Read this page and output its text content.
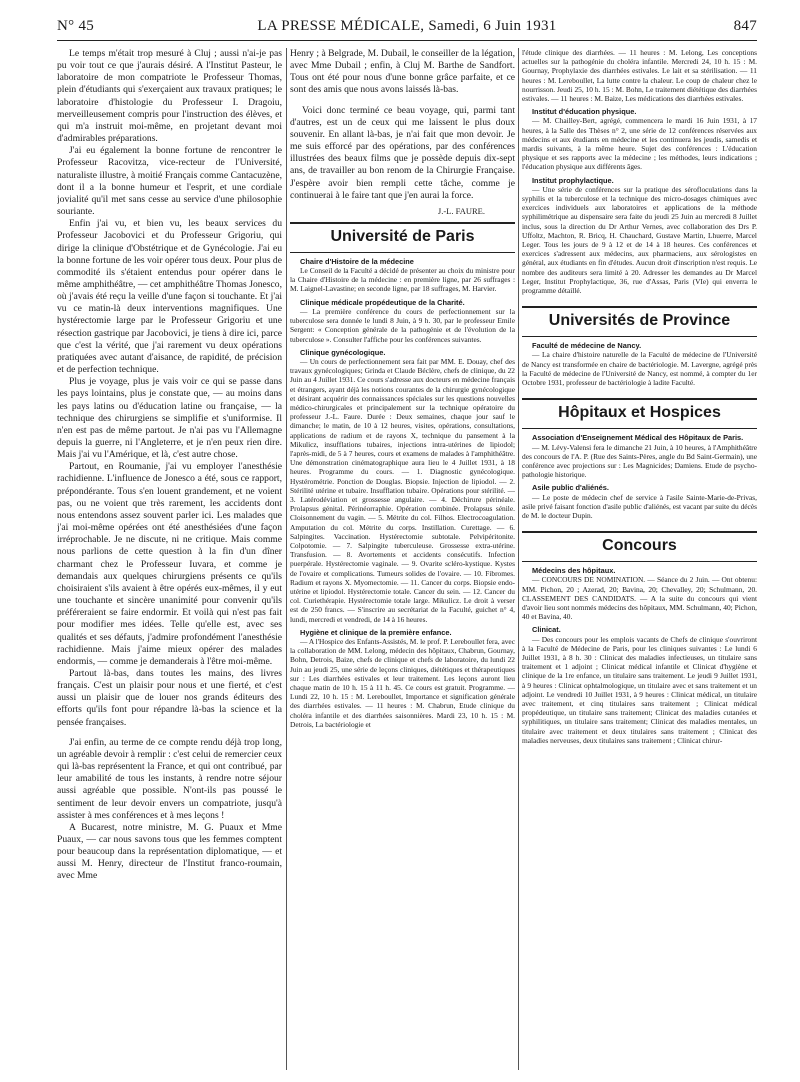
N° 45	LA PRESSE MÉDICALE, Samedi, 6 Juin 1931	847

Le temps m'était trop mesuré à Cluj ; aussi n'ai-je pas pu voir tout ce que j'aurais désiré. A l'Institut Pasteur, le laboratoire de mon compatriote le Professeur Thomas, plein d'étudiants qui s'exerçaient aux travaux pratiques; le laboratoire d'histologie du Professeur I. Dragoiu, merveilleusement compris pour l'instruction des élèves, et qui m'a instruit moi-même, en projetant devant moi d'admirables préparations.

J'ai eu également la bonne fortune de rencontrer le Professeur Racovitza, vice-recteur de l'Université, naturaliste illustre, à moitié Français comme Cantacuzène, dont il a la bonne humeur et l'esprit, et une cordiale jovialité qu'il met sans cesse au service d'une philosophie souriante.

Enfin j'ai vu, et bien vu, les beaux services du Professeur Jacobovici et du Professeur Grigoriu, qui dirige la clinique d'Obstétrique et de Gynécologie. J'ai eu la bonne fortune de les voir opérer tous deux. Pour plus de commodité ils s'étaient entendus pour opérer dans le même amphithéâtre, — cet amphithéâtre Thomas Jonesco, où j'avais été reçu la veille d'une façon si touchante. Et j'ai vu ce matin-là deux interventions magnifiques. Une hystérectomie large par le Professeur Grigoriu et une résection gastrique par Jacobovici, je tiens à dire ici, parce que c'est la vérité, que j'ai rarement vu deux opérations pratiquées avec autant d'aisance, de rapidité, de précision et de perfection technique.

Plus je voyage, plus je vais voir ce qui se passe dans les pays lointains, plus je constate que, — au moins dans les pays latins ou d'éducation latine ou française, — la technique des chirurgiens se simplifie et s'uniformise. Il n'en est pas de même partout. Je n'ai pas vu l'Allemagne depuis la guerre, ni l'Angleterre, et je n'en peux rien dire. Mais j'ai vu l'Amérique, et là, c'est autre chose.

Partout, en Roumanie, j'ai vu employer l'anesthésie rachidienne. L'influence de Jonesco a été, sous ce rapport, prépondérante. Tous s'en louent grandement, et ne voient pas, ou ne voient que très rarement, les accidents dont nous entendons assez souvent parler ici. Les malades que j'ai moi-même opérées ont été anesthésiées d'une façon irréprochable. Je ne discute, ni ne critique. Mais comme nous parlions de cette question à la fin d'un dîner charmant chez le Professeur Iuvara, et comme je demandais aux quelques chirurgiens présents ce qu'ils choisiraient s'ils avaient à être opérés eux-mêmes, il y eut une touchante et sincère unanimité pour convenir qu'ils préféreraient se faire endormir. Et voilà qui n'est pas fait pour modifier mes idées. Telle qu'elle est, avec ses qualités et ses défauts, j'admire profondément l'anesthésie rachidienne. Mais j'aime mieux opérer des malades endormis, — comme je demanderais à l'être moi-même.

Partout là-bas, dans toutes les mains, des livres français. C'est un plaisir pour nous et une fierté, et c'est aussi un plaisir que de louer nos grands éditeurs des efforts qu'ils font pour répandre là-bas la science et la pensée françaises.

J'ai enfin, au terme de ce compte rendu déjà trop long, un agréable devoir à remplir : c'est celui de remercier ceux qui là-bas représentent la France, et qui ont contribué, par leur amabilité de tous les instants, à rendre notre séjour aussi agréable que possible. N'ont-ils pas poussé le sentiment de leur devoir envers un compatriote, jusqu'à assister à mes conférences et à mes leçons !

A Bucarest, notre ministre, M. G. Puaux et Mme Puaux, — car nous savons tous que les femmes comptent pour beaucoup dans la représentation diplomatique, — et aussi M. Henry, directeur de l'Institut franco-roumain, avec Mme

Henry ; à Belgrade, M. Dubail, le conseiller de la légation, avec Mme Dubail ; enfin, à Cluj M. Barthe de Sandfort. Tous ont été pour nous d'une bonne grâce parfaite, et ce sont des amis que nous avons laissés là-bas.

Voici donc terminé ce beau voyage, qui, parmi tant d'autres, est un de ceux qui me laissent le plus doux souvenir. En allant là-bas, je n'ai fait que mon devoir. Je me suis efforcé par des opérations, par des conférences illustrées des beaux films que je possède depuis dix-sept ans, de travailler au bon renom de la Chirurgie Française. J'espère avoir bien rempli cette tâche, comme je continuerai à le faire tant que j'en aurai la force.

J.-L. FAURE.
Université de Paris

Chaire d'Histoire de la médecine

Le Conseil de la Faculté a décidé de présenter au choix du ministre pour la Chaire d'Histoire de la médecine : en première ligne, par 26 suffrages : M. Laignel-Lavastine; en seconde ligne, par 18 suffrages, M. Harvier.

Clinique médicale propédeutique de la Charité.

— La première conférence du cours de perfectionnement sur la tuberculose sera donnée le lundi 8 Juin, à 9 h. 30, par le professeur Emile Sergent: « Conception générale de la pathogénie et de l'évolution de la tuberculose ». Consulter l'affiche pour les conférences suivantes.

Clinique gynécologique.

— Un cours de perfectionnement sera fait par MM. E. Douay, chef des travaux gynécologiques; Grinda et Claude Béclère, chefs de clinique, du 22 Juin au 4 Juillet 1931. Ce cours s'adresse aux docteurs en médecine français et étrangers, ayant déjà les notions courantes de la chirurgie gynécologique et désirant acquérir des connaissances spéciales sur les questions nouvelles médico-chirurgicales et principalement sur la technique opératoire du professeur J.-L. Faure. Durée : Deux semaines, chaque jour sauf le dimanche; le matin, de 10 à 12 heures, visites, opérations, consultations, applications de radium et de rayons X, technique du pansement à la Mikulicz, insufflations tubaires, injections intra-utérines de lipiodol; l'après-midi, de 5 à 7 heures, cours et examens de malades à l'amphithéâtre. Une démonstration cinématographique aura lieu le 4 Juillet 1931, à 18 heures. Programme du cours. — 1. Diagnostic gynécologique. Hystérométrie. Ponction de Douglas. Biopsie. Injection de lipiodol. — 2. Stérilité utérine et tubaire. Insufflation tubaire. Opérations pour stérilité. — 3. Latérodéviation et grossesse angulaire. — 4. Déchirure périnéale. Prolapsus génital. Périnéorraphie. Opération combinée. Prolapsus sénile. Cloisonnement du vagin. — 5. Métrite du col. Filhos. Electrocoagulation. Amputation du col. Métrite du corps. Instillation. Curettage. — 6. Salpingites. Vaccination. Hystérectomie subtotale. Pelvipéritonite. Colpotomie. — 7. Salpingite tuberculeuse. Grossesse extra-utérine. Transfusion. — 8. Avortements et accidents consécutifs. Infection puerpérale. Hystérectomie vaginale. — 9. Ovarite scléro-kystique. Kystes de l'ovaire et complications. Tumeurs solides de l'ovaire. — 10. Fibromes. Radium et rayons X. Myomectomie. — 11. Cancer du corps. Biopsie endo-utérine et lipiodol. Hystérectomie totale. Cancer du sein. — 12. Cancer du col. Curiethérapie. Hystérectomie totale large. Mikulicz. Le droit à verser est de 250 francs. — S'inscrire au secrétariat de la Faculté, guichet n° 4, lundi, mercredi et vendredi, de 14 à 16 heures.

Hygiène et clinique de la première enfance.

— A l'Hospice des Enfants-Assistés, M. le prof. P. Lereboullet fera, avec la collaboration de MM. Lelong, médecin des hôpitaux, Chabrun, Gournay, Bohn, Detrois, Baize, chefs de clinique et chefs de laboratoire, du lundi 22 Juin au jeudi 25, une série de leçons cliniques, diététiques et thérapeutiques sur : Les diarrhées estivales et leur traitement. Les leçons auront lieu chaque matin de 10 h. 15 à 11 h. 45. Ce cours est gratuit. Programme. — Lundi 22, 10 h. 15 : M. Lereboullet, Importance et signification générale des diarrhées estivales. — 11 heures : M. Chabrun, Etude clinique du choléra infantile et des diarrhées saisonnières. Mardi 23, 10 h. 15 : M. Detrois, La bactériologie et

l'étude clinique des diarrhées. — 11 heures : M. Lelong, Les conceptions actuelles sur la pathogénie du choléra infantile. Mercredi 24, 10 h. 15 : M. Gournay, Prophylaxie des diarrhées estivales. Le lait et sa stérilisation. — 11 heures : M. Lereboullet, La lutte contre la chaleur. Le coup de chaleur chez le nourrisson. Jeudi 25, 10 h. 15 : M. Bohn, Le traitement diététique des diarrhées estivales. — 11 heures : M. Baize, Les médications des diarrhées estivales.

Institut d'éducation physique.

— M. Chailley-Bert, agrégé, commencera le mardi 16 Juin 1931, à 17 heures, à la Salle des Thèses n° 2, une série de 12 conférences réservées aux médecins et aux étudiants en médecine et les continuera les jeudis, samedis et mardis suivants, à la même heure. Sujet des conférences : L'éducation physique et ses rapports avec la médecine ; les méthodes, leurs indications ; l'éducation physique aux différents âges.

Institut prophylactique.

— Une série de conférences sur la pratique des sérofloculations dans la syphilis et la tuberculose et la technique des micro-dosages chimiques avec exercices individuels aux laboratoires et applications de la méthode syphilimétrique au dispensaire sera faite du jeudi 25 Juin au mercredi 8 Juillet inclus, sous la direction du Dr Arthur Vernes, avec collaboration des Drs P. Uffoltz, Machton, R. Bricq, H. Chauchard, Gustave Martin, Lhuerre, Marcel Leger. Tous les jours de 9 à 12 et de 14 à 18 heures. Ces conférences et exercices s'adressent aux médecins, aux pharmaciens, aux sérologistes en général, aux étudiants en fin d'études. Aucun droit d'inscription n'est requis. Le nombre des auditeurs sera limité à 20. Adresser les demandes au Dr Marcel Leger, Institut Prophylactique, 36, rue d'Assas, Paris (VIe) qui enverra le programme détaillé.

Universités de Province

Faculté de médecine de Nancy.

— La chaire d'histoire naturelle de la Faculté de médecine de l'Université de Nancy est transformée en chaire de bactériologie. M. Lavergne, agrégé près la Faculté de médecine de l'Université de Nancy, est nommé, à compter du 1er Octobre 1931, professeur de bactériologie à ladite Faculté.

Hôpitaux et Hospices

Association d'Enseignement Médical des Hôpitaux de Paris.

— M. Lévy-Valensi fera le dimanche 21 Juin, à 10 heures, à l'Amphithéâtre des concours de l'A. P. (Rue des Saints-Pères, angle du Bd Saint-Germain), une conférence avec projections sur : Les Magnicides; Damiens. Etude de psycho-pathologie historique.

Asile public d'aliénés.

— Le poste de médecin chef de service à l'asile Sainte-Marie-de-Privas, asile privé faisant fonction d'asile public d'aliénés, est vacant par suite du décès de M. le docteur Dupin.

Concours

Médecins des hôpitaux.

— CONCOURS DE NOMINATION. — Séance du 2 Juin. — Ont obtenu: MM. Pichon, 20 ; Azerad, 20; Bavina, 20; Chevalley, 20; Schulmann, 20. CLASSEMENT DES CANDIDATS. — A la suite du concours qui vient d'avoir lieu sont nommés médecins des hôpitaux, MM. Schulmann, 40; Pichon, 40 et Bavina, 40.

Clinicat.

— Des concours pour les emplois vacants de Chefs de clinique s'ouvriront à la Faculté de Médecine de Paris, pour les cliniques suivantes : Le lundi 6 Juillet 1931, à 8 h. 30 : Clinicat des maladies infectieuses, un titulaire sans traitement et 1 adjoint ; Clinicat médical infantile et Clinicat d'hygiène et clinique de la 1re enfance, un titulaire sans traitement. Le jeudi 9 Juillet 1931, à 9 heures : Clinicat ophtalmologique, un titulaire avec et sans traitement et un adjoint. Le vendredi 10 Juillet 1931, à 9 heures : Clinicat médical, un titulaire avec traitement, et cinq titulaires sans traitement ; Clinicat médical propédeutique, un titulaire sans traitement; Clinicat des maladies cutanées et syphilitiques, un titulaire sans traitement; Clinicat des maladies mentales, un titulaire avec traitement et deux titulaires sans traitement ; Clinicat des maladies nerveuses, deux titulaires sans traitement ; Clinicat chirur-
